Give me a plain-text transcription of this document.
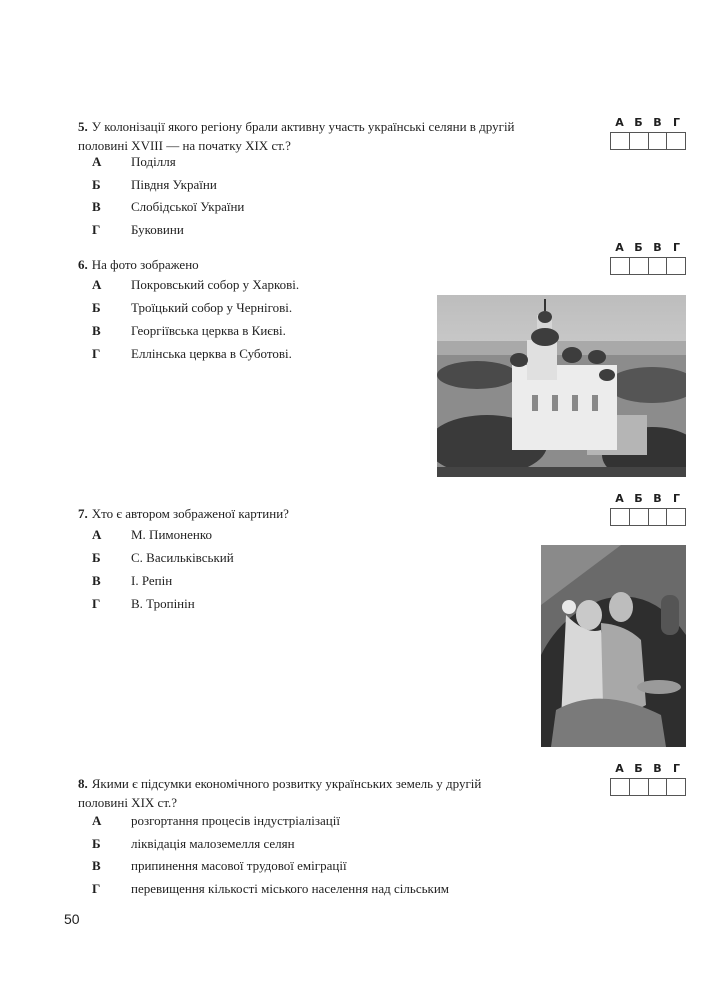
5. У колонізації якого регіону брали активну участь українські селяни в другій половині XVIII — на початку XIX ст.?
А Поділля
Б Півдня України
В Слобідської України
Г Буковини
А Б В	Г
6. На фото зображено
А Покровський собор у Харкові.
Б Троїцький собор у Чернігові.
В Георгіївська церква в Києві.
Г Еллінська церква в Суботові.
А Б В	Г
7. Хто є автором зображеної картини?
А М. Пимоненко
Б С. Васильківський
В І. Репін
Г В. Тропінін
А Б В	Г
8. Якими є підсумки економічного розвитку українських земель у другій половині XIX ст.?
А розгортання процесів індустріалізації
Б ліквідація малоземелля селян
В припинення масової трудової еміграції
Г перевищення кількості міського населення над сільським
А Б В	Г
50
